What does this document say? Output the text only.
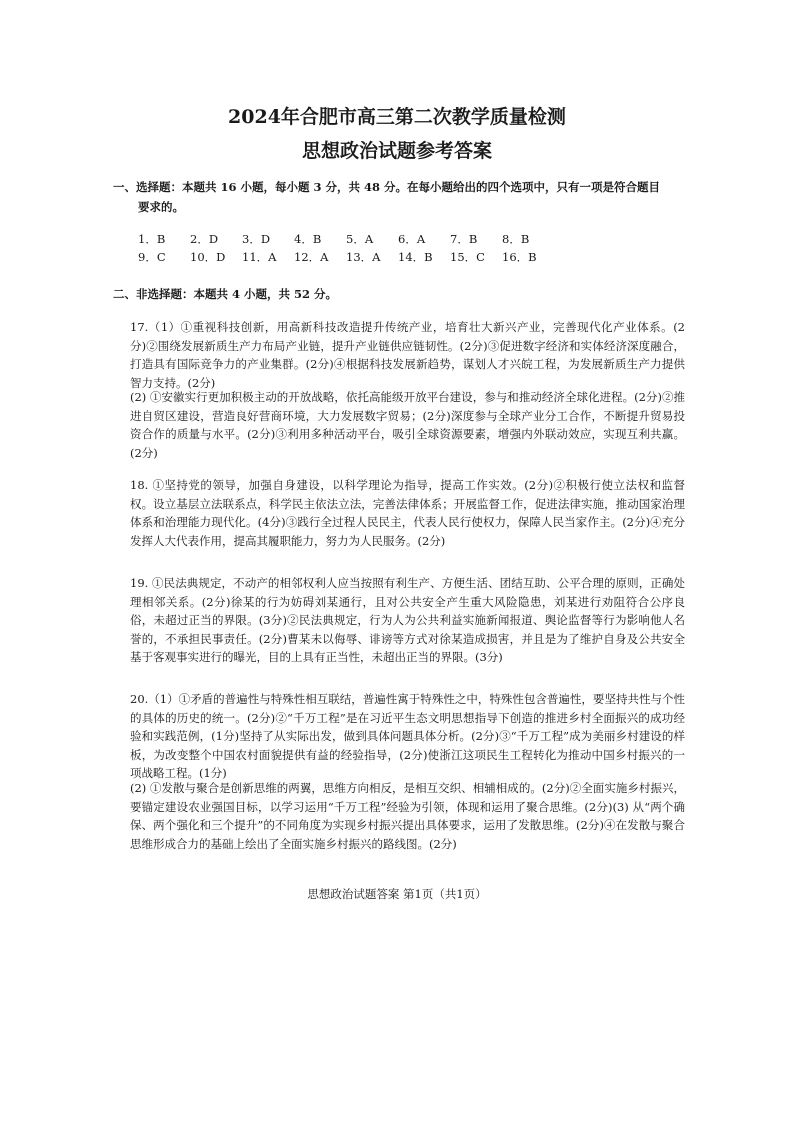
2024年合肥市高三第二次教学质量检测
思想政治试题参考答案
一、选择题：本题共 16 小题，每小题 3 分，共 48 分。在每小题给出的四个选项中，只有一项是符合题目
要求的。
1．B 2．D 3．D 4．B 5．A 6．A 7．B 8．B
9．C 10．D 11．A 12．A 13．A 14．B 15．C 16．B
二、非选择题：本题共 4 小题，共 52 分。

17.（1）①重视科技创新，用高新科技改造提升传统产业，培育壮大新兴产业，完善现代化产业体系。(2分)②围绕发展新质生产力布局产业链，提升产业链供应链韧性。(2分)③促进数字经济和实体经济深度融合，打造具有国际竞争力的产业集群。(2分)④根据科技发展新趋势，谋划人才兴皖工程，为发展新质生产力提供智力支持。(2分)

(2) ①安徽实行更加积极主动的开放战略，依托高能级开放平台建设，参与和推动经济全球化进程。(2分)②推进自贸区建设，营造良好营商环境，大力发展数字贸易；(2分)深度参与全球产业分工合作，不断提升贸易投资合作的质量与水平。(2分)③利用多种活动平台，吸引全球资源要素，增强内外联动效应，实现互利共赢。(2分)

18. ①坚持党的领导，加强自身建设，以科学理论为指导，提高工作实效。(2分)②积极行使立法权和监督权。设立基层立法联系点，科学民主依法立法，完善法律体系；开展监督工作，促进法律实施，推动国家治理体系和治理能力现代化。(4分)③践行全过程人民民主，代表人民行使权力，保障人民当家作主。(2分)④充分发挥人大代表作用，提高其履职能力，努力为人民服务。(2分)

19. ①民法典规定，不动产的相邻权利人应当按照有利生产、方便生活、团结互助、公平合理的原则，正确处理相邻关系。(2分)徐某的行为妨碍刘某通行，且对公共安全产生重大风险隐患，刘某进行劝阻符合公序良俗，未超过正当的界限。(3分)②民法典规定，行为人为公共利益实施新闻报道、舆论监督等行为影响他人名誉的，不承担民事责任。(2分)曹某未以侮辱、诽谤等方式对徐某造成损害，并且是为了维护自身及公共安全基于客观事实进行的曝光，目的上具有正当性，未超出正当的界限。(3分)

20.（1）①矛盾的普遍性与特殊性相互联结，普遍性寓于特殊性之中，特殊性包含普遍性，要坚持共性与个性的具体的历史的统一。(2分)②“千万工程”是在习近平生态文明思想指导下创造的推进乡村全面振兴的成功经验和实践范例，(1分)坚持了从实际出发，做到具体问题具体分析。(2分)③“千万工程”成为美丽乡村建设的样板，为改变整个中国农村面貌提供有益的经验指导，(2分)使浙江这项民生工程转化为推动中国乡村振兴的一项战略工程。(1分)

(2) ①发散与聚合是创新思维的两翼，思维方向相反，是相互交织、相辅相成的。(2分)②全面实施乡村振兴，要锚定建设农业强国目标，以学习运用“千万工程”经验为引领，体现和运用了聚合思维。(2分)(3) 从“两个确保、两个强化和三个提升”的不同角度为实现乡村振兴提出具体要求，运用了发散思维。(2分)④在发散与聚合思维形成合力的基础上绘出了全面实施乡村振兴的路线图。(2分)

思想政治试题答案 第1页（共1页）
